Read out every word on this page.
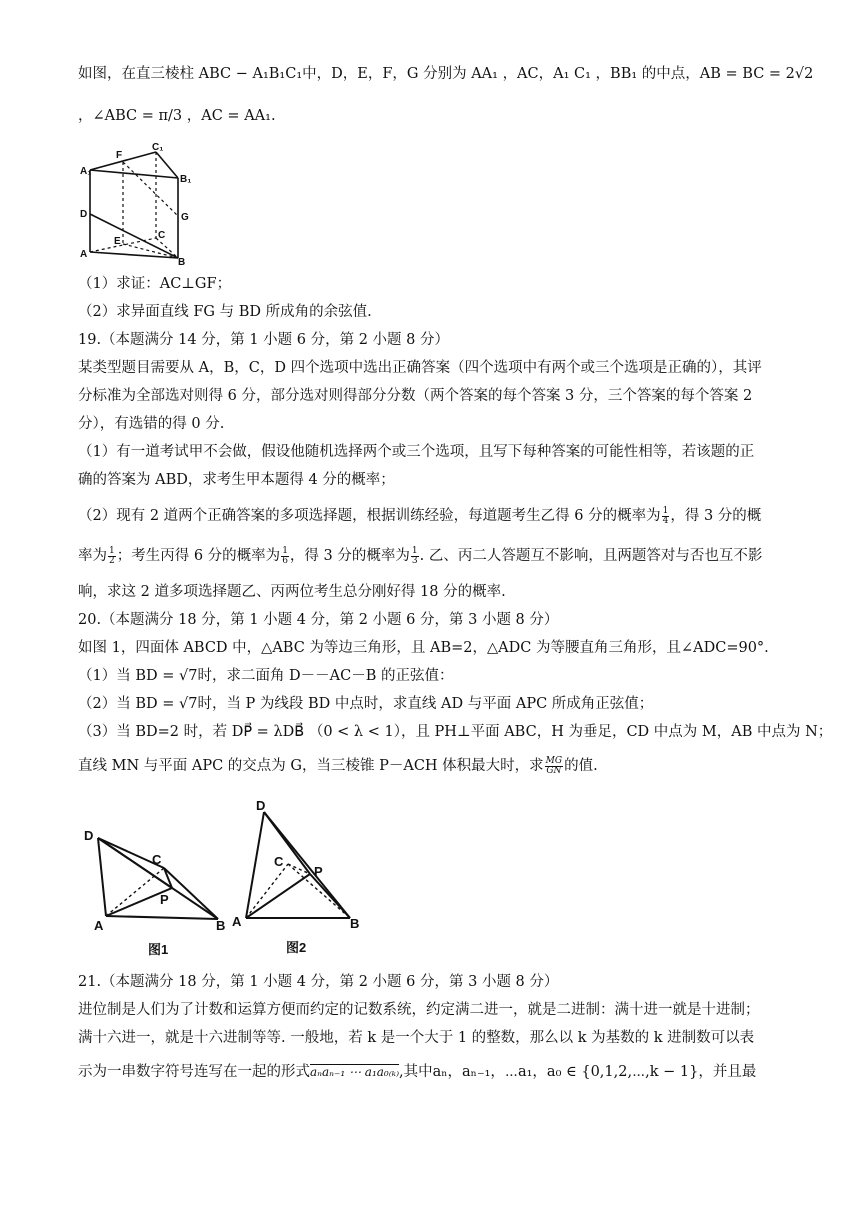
如图，在直三棱柱 ABC − A₁B₁C₁中，D，E，F，G 分别为 AA₁ ，AC，A₁ C₁ ，BB₁ 的中点，AB = BC = 2√2
，∠ABC = π/3 ，AC = AA₁.
A₁
F
C₁
B₁
D	G
E
C
A
B
（1）求证：AC⊥GF；
（2）求异面直线 FG 与 BD 所成角的余弦值.
19.（本题满分 14 分，第 1 小题 6 分，第 2 小题 8 分）
某类型题目需要从 A，B，C，D 四个选项中选出正确答案（四个选项中有两个或三个选项是正确的），其评
分标准为全部选对则得 6 分，部分选对则得部分分数（两个答案的每个答案 3 分，三个答案的每个答案 2
分），有选错的得 0 分.
（1）有一道考试甲不会做，假设他随机选择两个或三个选项，且写下每种答案的可能性相等，若该题的正
确的答案为 ABD，求考生甲本题得 4 分的概率；
（2）现有 2 道两个正确答案的多项选择题，根据训练经验，每道题考生乙得 6 分的概率为 $\frac{1}{4}$ ，得 3 分的概
率为 $\frac{1}{2}$ ；考生丙得 6 分的概率为 $\frac{1}{6}$ ，得 3 分的概率为 $\frac{1}{3}$ . 乙、丙二人答题互不影响，且两题答对与否也互不影
响，求这 2 道多项选择题乙、丙两位考生总分刚好得 18 分的概率.
20.（本题满分 18 分，第 1 小题 4 分，第 2 小题 6 分，第 3 小题 8 分）
如图 1，四面体 ABCD 中，△ABC 为等边三角形，且 AB=2，△ADC 为等腰直角三角形，且∠ADC=90°.
（1）当 BD = √7时，求二面角 D－－AC－B 的正弦值：
（2）当 BD = √7时，当 P 为线段 BD 中点时，求直线 AD 与平面 APC 所成角正弦值；
（3）当 BD=2 时，若 DP⃗ = λDB⃗ （0 < λ < 1），且 PH⊥平面 ABC，H 为垂足，CD 中点为 M，AB 中点为 N；
直线 MN 与平面 APC 的交点为 G，当三棱锥 P－ACH 体积最大时，求 $\frac{MG}{GN}$ 的值.
D
C
P
A	B
图1
D
C
P
A	B
图2
21.（本题满分 18 分，第 1 小题 4 分，第 2 小题 6 分，第 3 小题 8 分）
进位制是人们为了计数和运算方便而约定的记数系统，约定满二进一，就是二进制：满十进一就是十进制；
满十六进一，就是十六进制等等. 一般地，若 k 是一个大于 1 的整数，那么以 k 为基数的 k 进制数可以表
示为一串数字符号连写在一起的形式aₙaₙ₋₁ ⋯ a₁a₀₍ₖ₎,其中aₙ，aₙ₋₁，⋯a₁，a₀ ∈ {0,1,2,⋯,k − 1}，并且最
